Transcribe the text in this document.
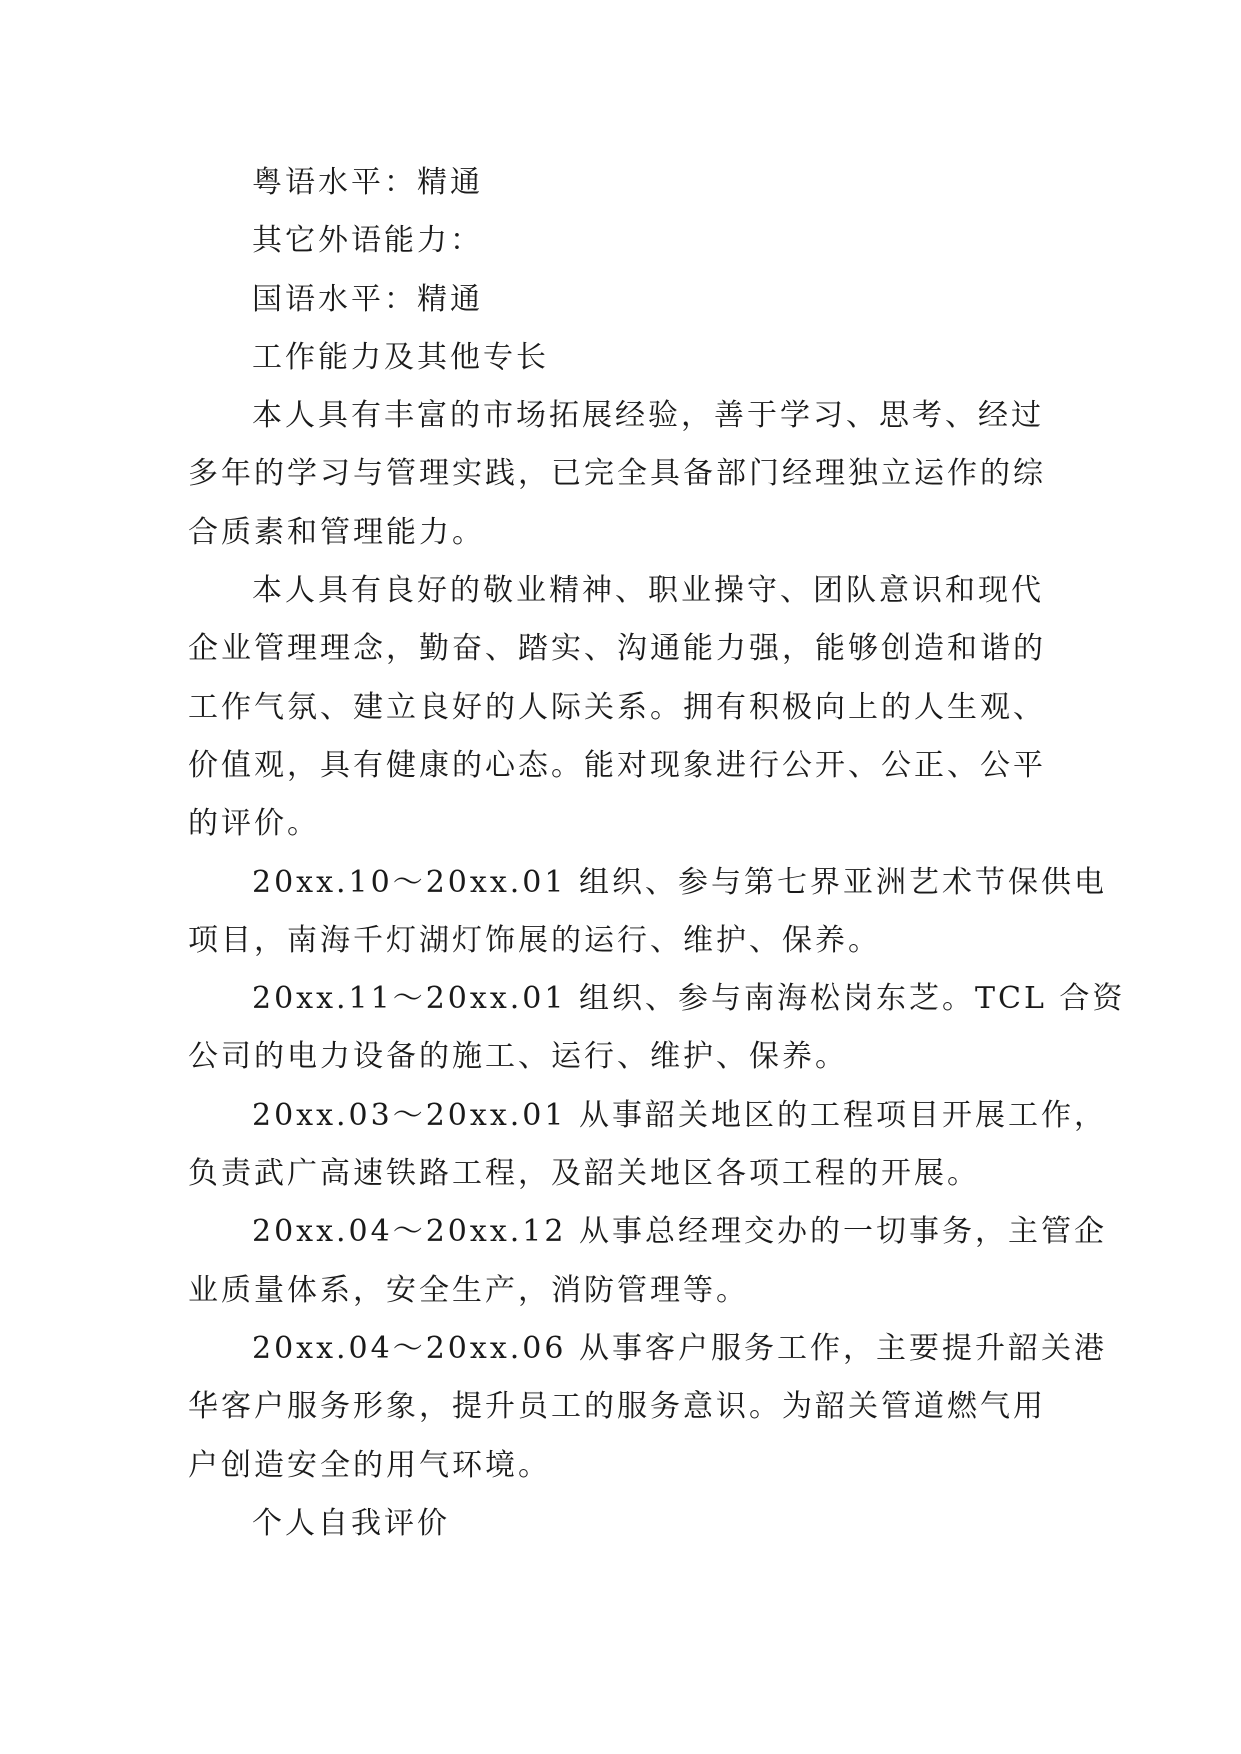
粤语水平：精通
其它外语能力：
国语水平：精通
工作能力及其他专长
本人具有丰富的市场拓展经验，善于学习、思考、经过
多年的学习与管理实践，已完全具备部门经理独立运作的综
合质素和管理能力。
本人具有良好的敬业精神、职业操守、团队意识和现代
企业管理理念，勤奋、踏实、沟通能力强，能够创造和谐的
工作气氛、建立良好的人际关系。拥有积极向上的人生观、
价值观，具有健康的心态。能对现象进行公开、公正、公平
的评价。
20xx.10～20xx.01 组织、参与第七界亚洲艺术节保供电
项目，南海千灯湖灯饰展的运行、维护、保养。
20xx.11～20xx.01 组织、参与南海松岗东芝。TCL 合资
公司的电力设备的施工、运行、维护、保养。
20xx.03～20xx.01 从事韶关地区的工程项目开展工作，
负责武广高速铁路工程，及韶关地区各项工程的开展。
20xx.04～20xx.12 从事总经理交办的一切事务，主管企
业质量体系，安全生产，消防管理等。
20xx.04～20xx.06 从事客户服务工作，主要提升韶关港
华客户服务形象，提升员工的服务意识。为韶关管道燃气用
户创造安全的用气环境。
个人自我评价
